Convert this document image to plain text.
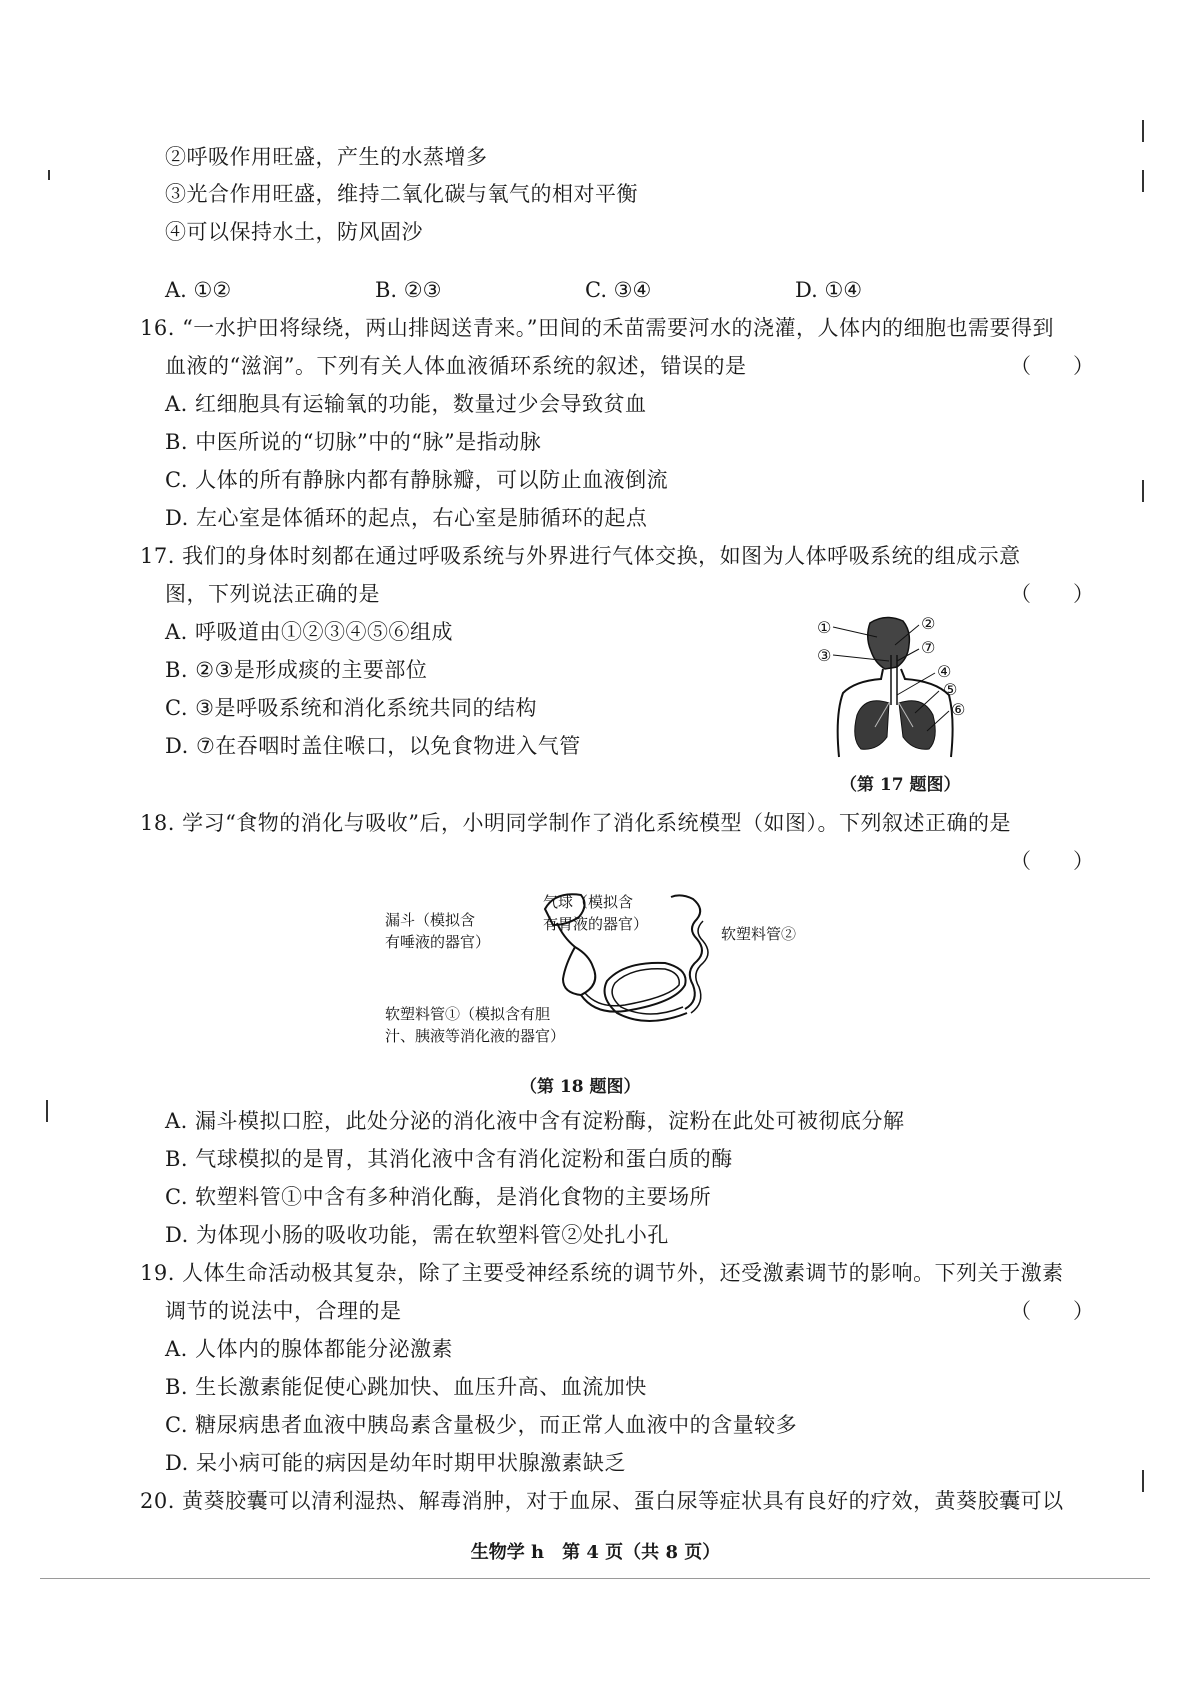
②呼吸作用旺盛，产生的水蒸增多
③光合作用旺盛，维持二氧化碳与氧气的相对平衡
④可以保持水土，防风固沙
A. ①②	B. ②③	C. ③④	D. ①④
16. “一水护田将绿绕，两山排闼送青来。”田间的禾苗需要河水的浇灌，人体内的细胞也需要得到
血液的“滋润”。下列有关人体血液循环系统的叙述，错误的是	（　　）
A. 红细胞具有运输氧的功能，数量过少会导致贫血
B. 中医所说的“切脉”中的“脉”是指动脉
C. 人体的所有静脉内都有静脉瓣，可以防止血液倒流
D. 左心室是体循环的起点，右心室是肺循环的起点
17. 我们的身体时刻都在通过呼吸系统与外界进行气体交换，如图为人体呼吸系统的组成示意
图，下列说法正确的是	（　　）
A. 呼吸道由①②③④⑤⑥组成
B. ②③是形成痰的主要部位
C. ③是呼吸系统和消化系统共同的结构
D. ⑦在吞咽时盖住喉口，以免食物进入气管
①	②
③	⑦
④
⑤
⑥
（第 17 题图）
18. 学习“食物的消化与吸收”后，小明同学制作了消化系统模型（如图）。下列叙述正确的是
（　　）
漏斗（模拟含
有唾液的器官）
气球（模拟含
有胃液的器官）
软塑料管②
软塑料管①（模拟含有胆
汁、胰液等消化液的器官）
（第 18 题图）
A. 漏斗模拟口腔，此处分泌的消化液中含有淀粉酶，淀粉在此处可被彻底分解
B. 气球模拟的是胃，其消化液中含有消化淀粉和蛋白质的酶
C. 软塑料管①中含有多种消化酶，是消化食物的主要场所
D. 为体现小肠的吸收功能，需在软塑料管②处扎小孔
19. 人体生命活动极其复杂，除了主要受神经系统的调节外，还受激素调节的影响。下列关于激素
调节的说法中，合理的是	（　　）
A. 人体内的腺体都能分泌激素
B. 生长激素能促使心跳加快、血压升高、血流加快
C. 糖尿病患者血液中胰岛素含量极少，而正常人血液中的含量较多
D. 呆小病可能的病因是幼年时期甲状腺激素缺乏
20. 黄葵胶囊可以清利湿热、解毒消肿，对于血尿、蛋白尿等症状具有良好的疗效，黄葵胶囊可以
生物学 h　第 4 页（共 8 页）
